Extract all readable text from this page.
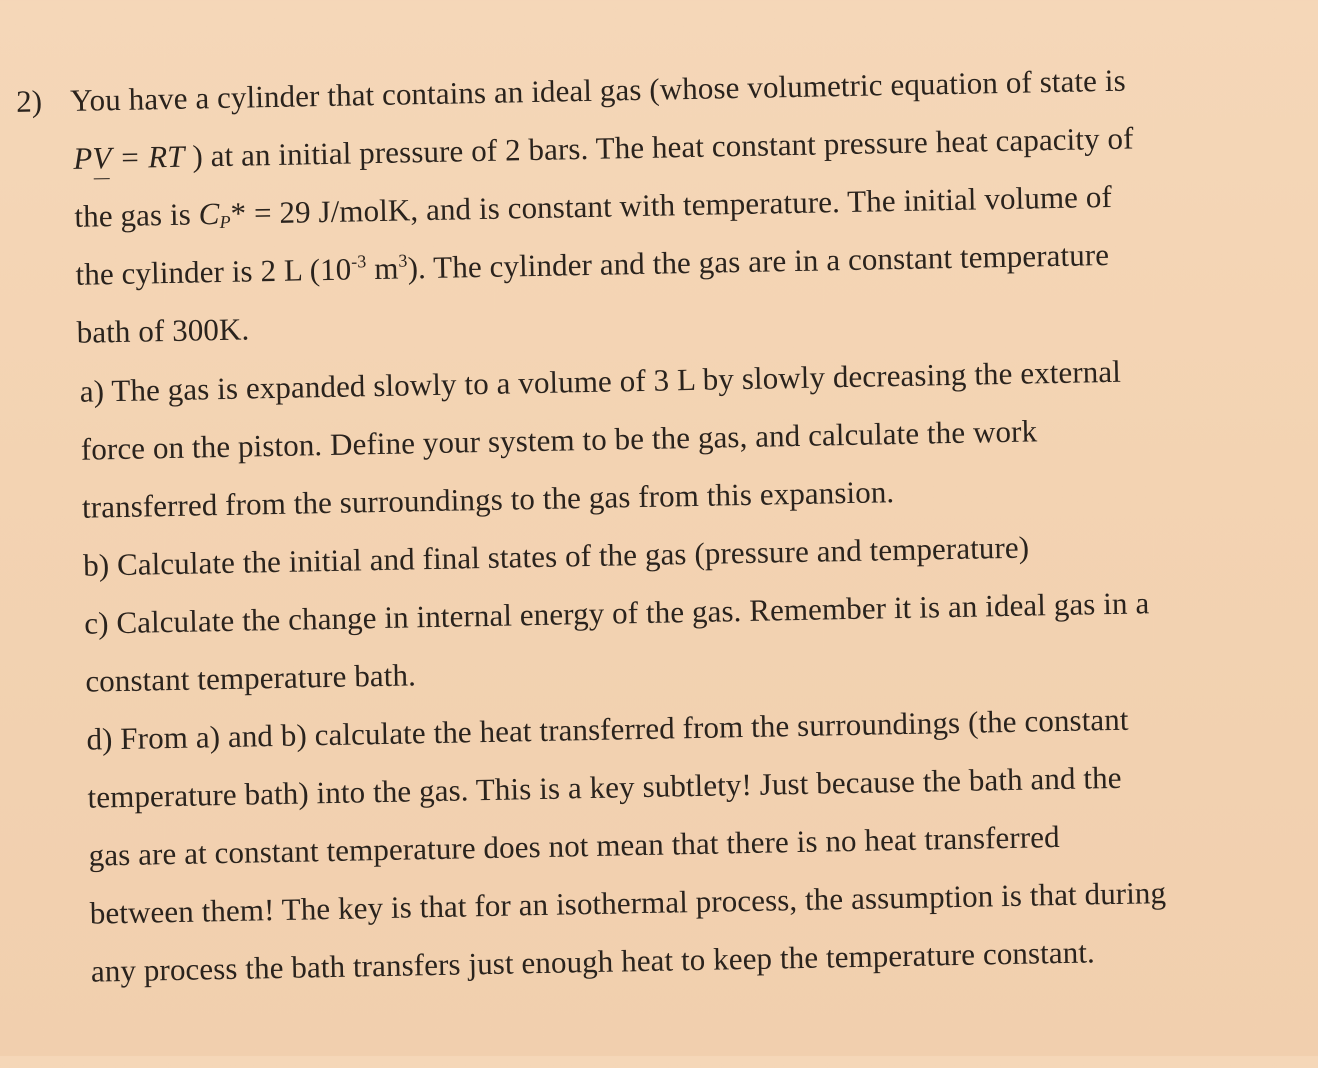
2) You have a cylinder that contains an ideal gas (whose volumetric equation of state is
PV = RT ) at an initial pressure of 2 bars. The heat constant pressure heat capacity of
the gas is $C_P* = 29$ J/molK, and is constant with temperature. The initial volume of
the cylinder is 2 L ($10^{-3}$ $m^3$). The cylinder and the gas are in a constant temperature
bath of 300K.
a) The gas is expanded slowly to a volume of 3 L by slowly decreasing the external
force on the piston. Define your system to be the gas, and calculate the work
transferred from the surroundings to the gas from this expansion.
b) Calculate the initial and final states of the gas (pressure and temperature)
c) Calculate the change in internal energy of the gas. Remember it is an ideal gas in a
constant temperature bath.
d) From a) and b) calculate the heat transferred from the surroundings (the constant
temperature bath) into the gas. This is a key subtlety! Just because the bath and the
gas are at constant temperature does not mean that there is no heat transferred
between them! The key is that for an isothermal process, the assumption is that during
any process the bath transfers just enough heat to keep the temperature constant.
